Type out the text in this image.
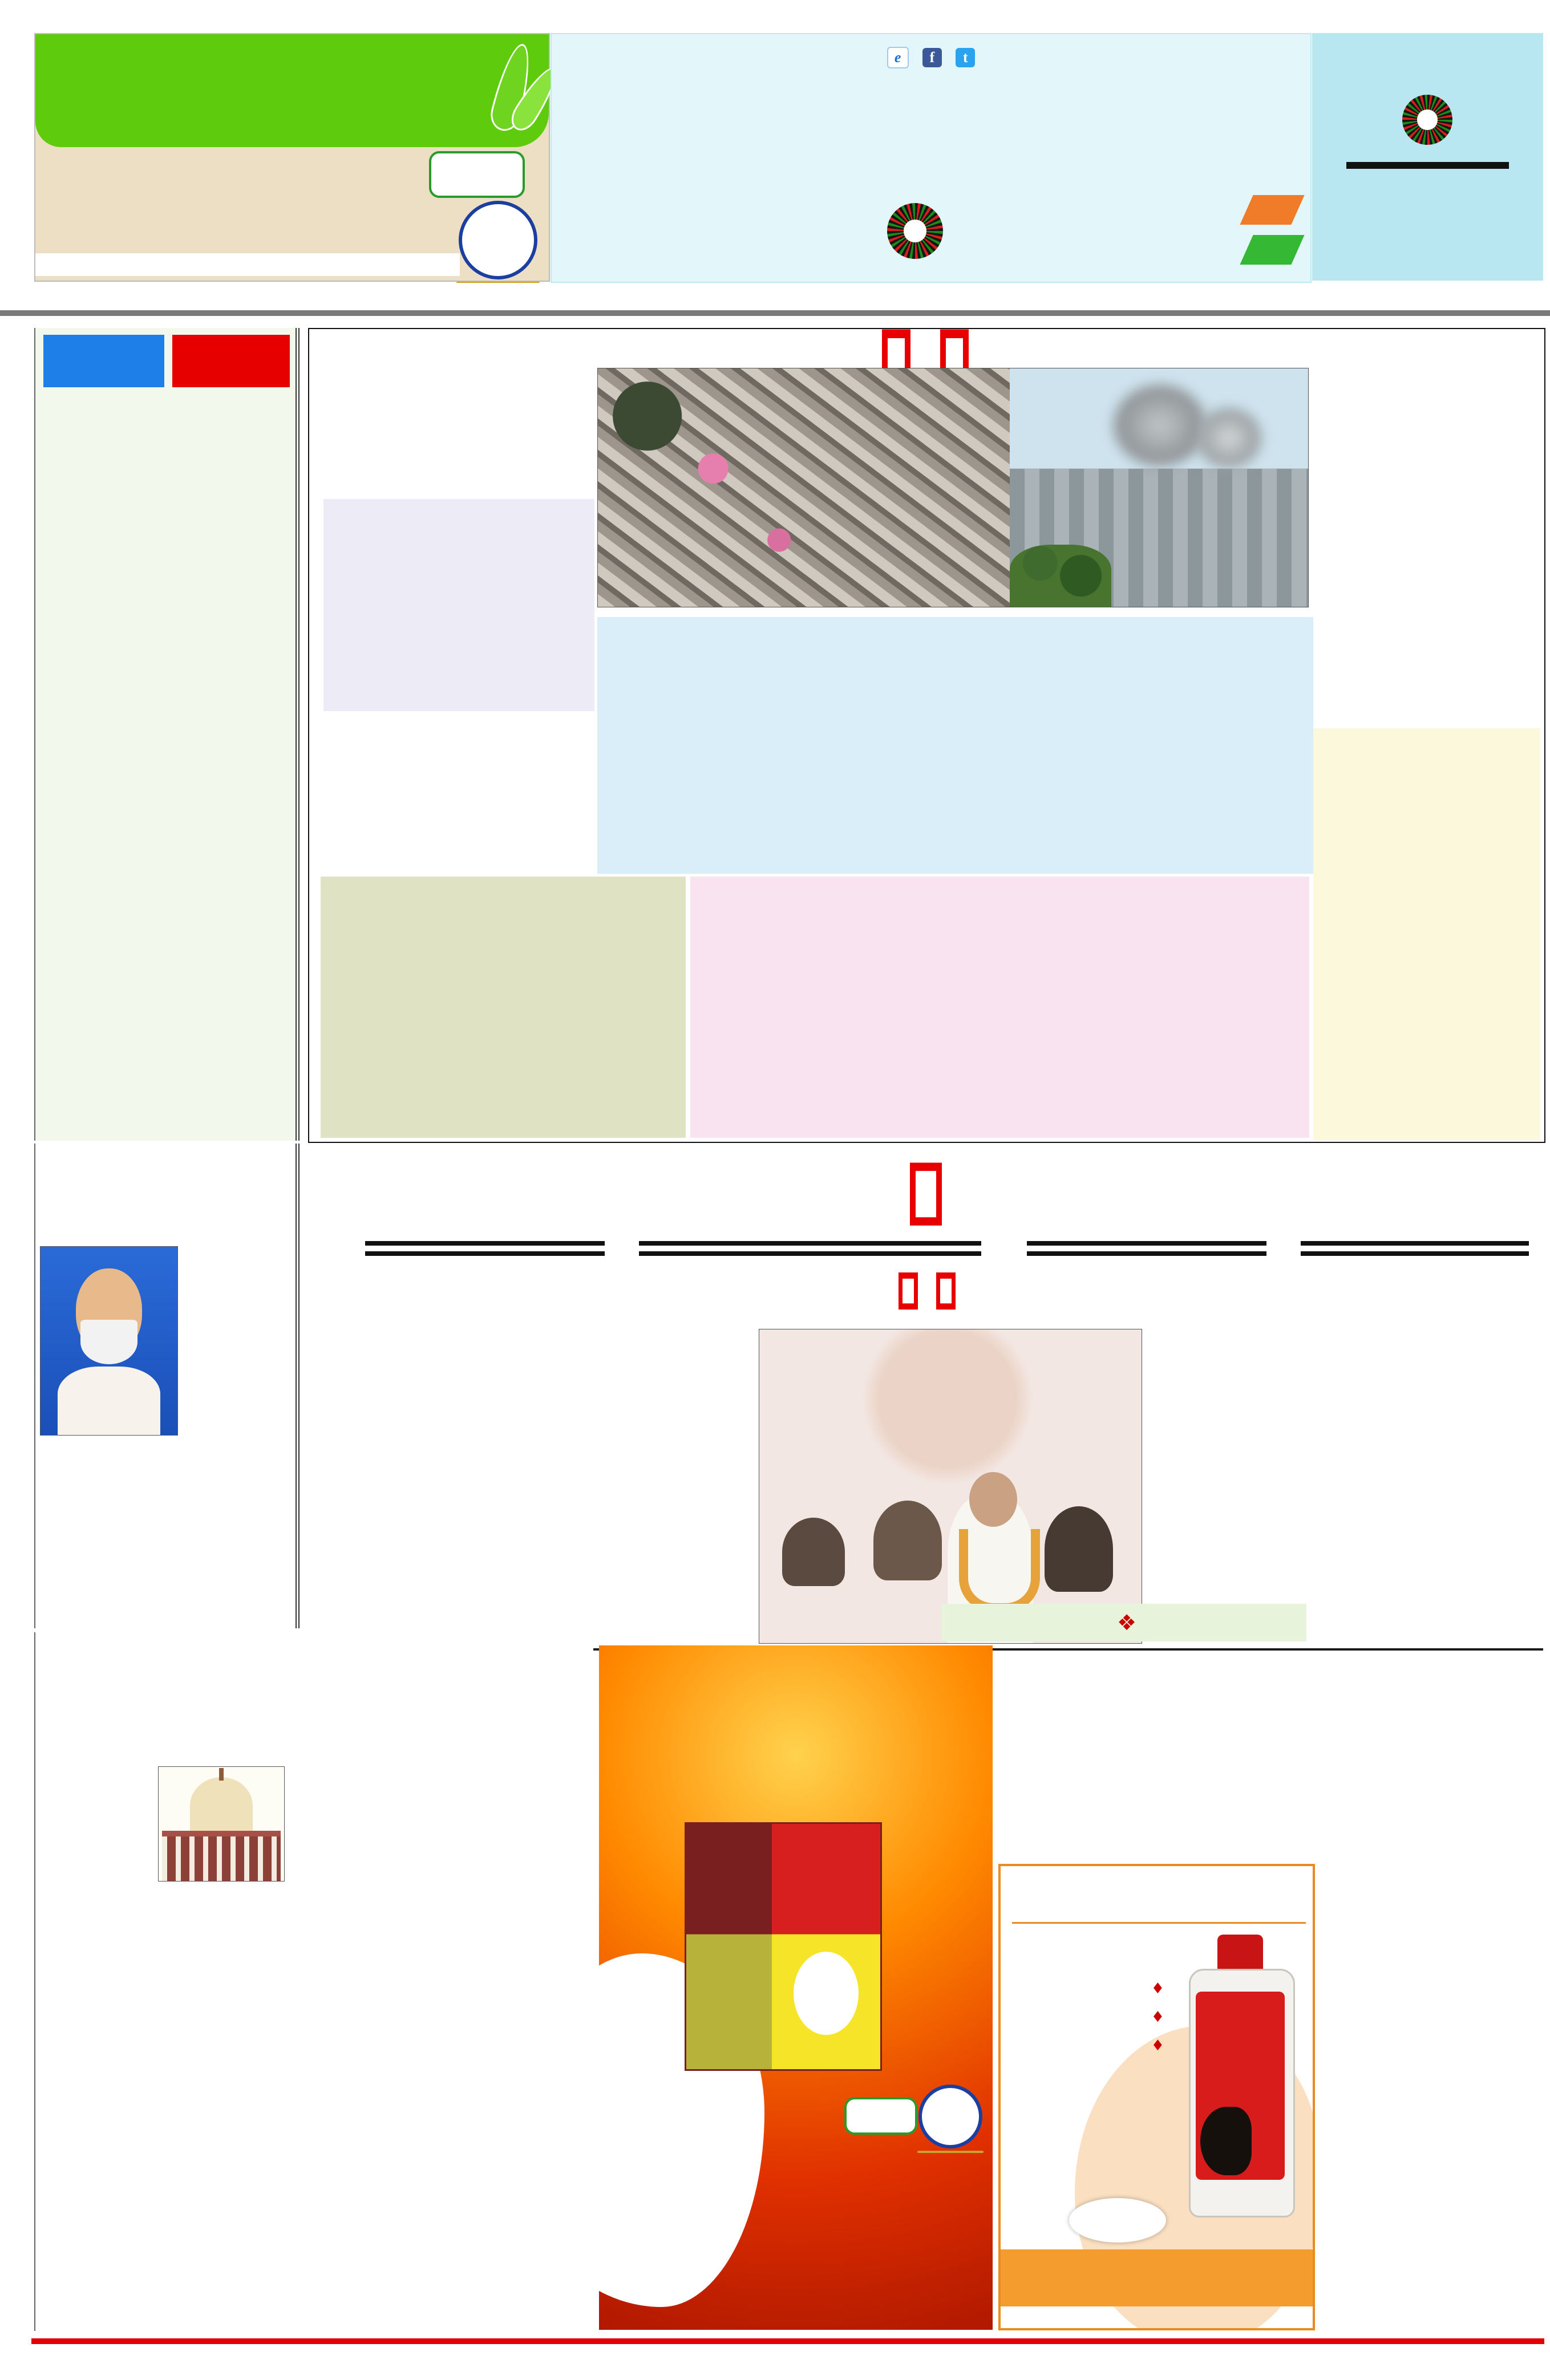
e f t
❖

♦
♦
♦
